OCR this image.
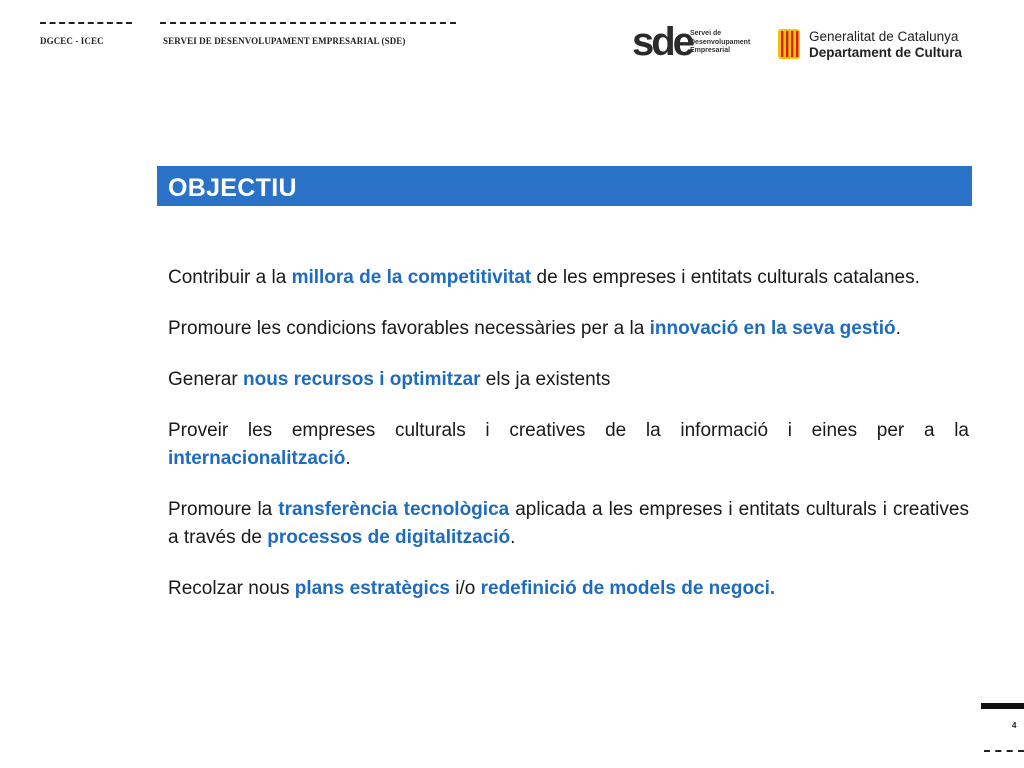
DGCEC - ICEC	SERVEI DE DESENVOLUPAMENT EMPRESARIAL (SDE)	sde
Servei de
Desenvolupament
Empresarial
Generalitat de Catalunya
Departament de Cultura
OBJECTIU

Contribuir a la millora de la competitivitat de les empreses i entitats culturals catalanes.

Promoure les condicions favorables necessàries per a la innovació en la seva gestió.

Generar nous recursos i optimitzar els ja existents

Proveir les empreses culturals i creatives de la informació i eines per a la internacionalització.

Promoure la transferència tecnològica aplicada a les empreses i entitats culturals i creatives a través de processos de digitalització.

Recolzar nous plans estratègics i/o redefinició de models de negoci.

4
